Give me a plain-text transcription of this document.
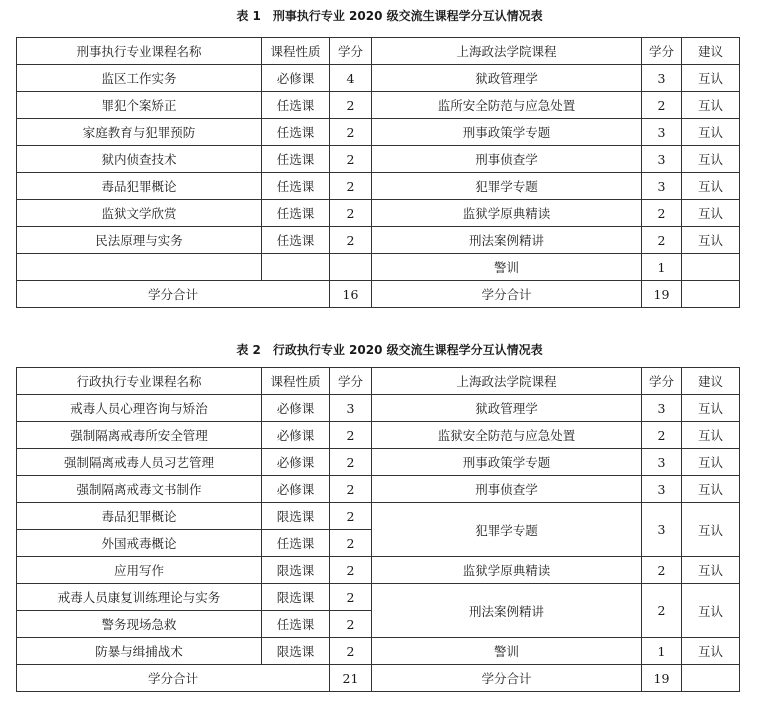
表 1　刑事执行专业 2020 级交流生课程学分互认情况表
刑事执行专业课程名称	课程性质	学分	上海政法学院课程	学分	建议
监区工作实务	必修课	4	狱政管理学	3	互认
罪犯个案矫正	任选课	2	监所安全防范与应急处置	2	互认
家庭教育与犯罪预防	任选课	2	刑事政策学专题	3	互认
狱内侦查技术	任选课	2	刑事侦查学	3	互认
毒品犯罪概论	任选课	2	犯罪学专题	3	互认
监狱文学欣赏	任选课	2	监狱学原典精读	2	互认
民法原理与实务	任选课	2	刑法案例精讲	2	互认
			警训	1	
学分合计		16	学分合计	19	
表 2　行政执行专业 2020 级交流生课程学分互认情况表
行政执行专业课程名称	课程性质	学分	上海政法学院课程	学分	建议
戒毒人员心理咨询与矫治	必修课	3	狱政管理学	3	互认
强制隔离戒毒所安全管理	必修课	2	监狱安全防范与应急处置	2	互认
强制隔离戒毒人员习艺管理	必修课	2	刑事政策学专题	3	互认
强制隔离戒毒文书制作	必修课	2	刑事侦查学	3	互认
毒品犯罪概论	限选课	2	犯罪学专题	3	互认
外国戒毒概论	任选课	2			
应用写作	限选课	2	监狱学原典精读	2	互认
戒毒人员康复训练理论与实务	限选课	2	刑法案例精讲	2	互认
警务现场急救	任选课	2			
防暴与缉捕战术	限选课	2	警训	1	互认
学分合计		21	学分合计	19	
